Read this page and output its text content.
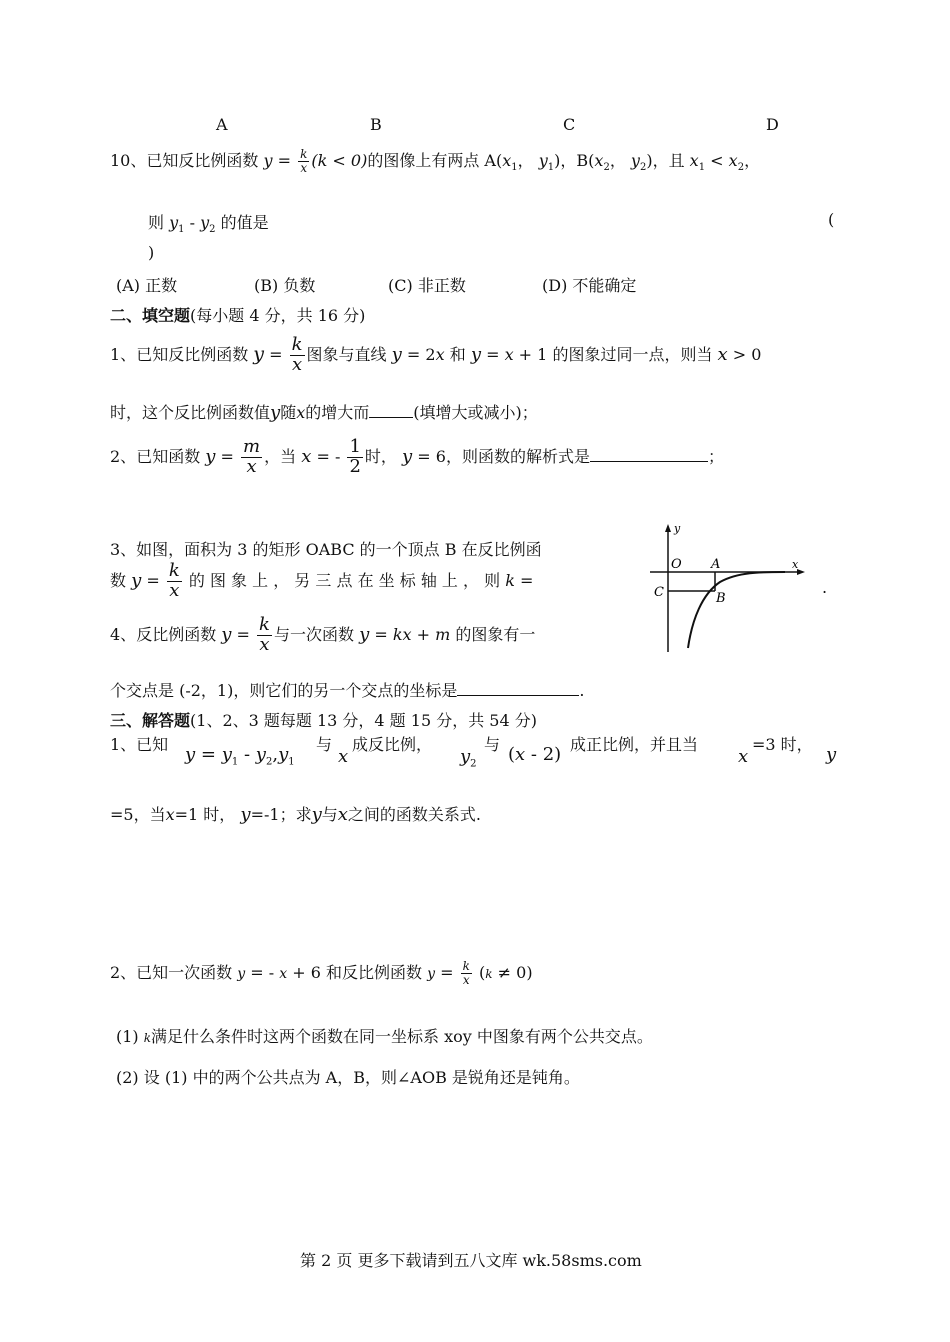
A	B	C	D
10、已知反比例函数 $y = \frac{k}{x} (k < 0)$的图像上有两点 $A(x_1$， $y_1$)，$B(x_2$， $y_2$)，且 $x_1 < x_2$，
则 $y_1 - y_2$ 的值是	(
)
(A) 正数	(B) 负数	(C) 非正数	(D) 不能确定
二、填空题(每小题 4 分，共 16 分)
1、已知反比例函数 $y = \frac{k}{x}$ 图象与直线 y = 2x 和 y = x + 1 的图象过同一点，则当 x > 0
时，这个反比例函数值y随x的增大而	(填增大或减小)；
2、已知函数 $y = \frac{m}{x}$ ，当 x = - $\frac{1}{2}$ 时， y = 6，则函数的解析式是	；
3、如图，面积为 3 的矩形 OABC 的一个顶点 B 在反比例函
数 $y = \frac{k}{x}$ 的 图 象 上 ， 另 三 点 在 坐 标 轴 上 ， 则 k =	.
y
x
O A
C	B
4、反比例函数 $y = \frac{k}{x}$ 与一次函数 y = kx + m 的图象有一
个交点是 (-2，1)，则它们的另一个交点的坐标是	.
三、解答题(1、2、3 题每题 13 分，4 题 15 分，共 54 分)
1、已知 $y = y_1 - y_2,y_1$
与
x
成反比例，
$y_2$
与 (x - 2) 成正比例，并且当
x
=3 时， y
=5，当x=1 时， y=-1；求y与x之间的函数关系式.
2、已知一次函数 y = - x + 6 和反比例函数 $y = \frac{k}{x} (k \ne 0)$
(1) k满足什么条件时这两个函数在同一坐标系 xoy 中图象有两个公共交点。
(2) 设 (1) 中的两个公共点为 A，B，则∠AOB 是锐角还是钝角。
第 2 页 更多下载请到五八文库 wk.58sms.com
